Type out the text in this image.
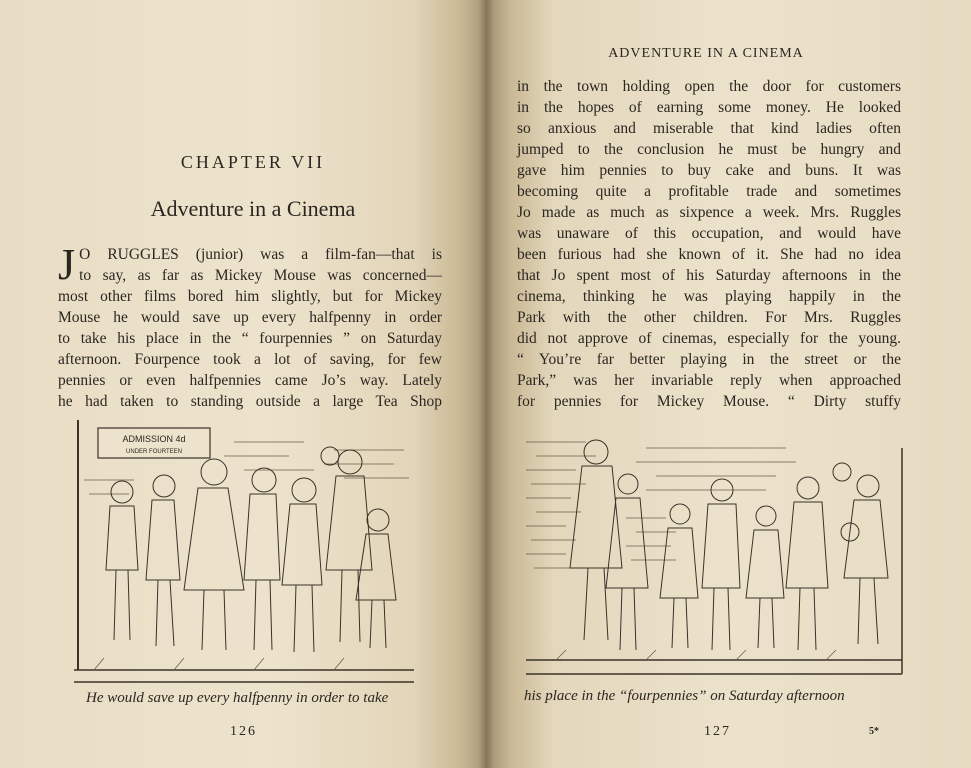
CHAPTER VII
Adventure in a Cinema
J O RUGGLES (junior) was a film-fan—that is
to say, as far as Mickey Mouse was concerned—
most other films bored him slightly, but for Mickey
Mouse he would save up every halfpenny in order
to take his place in the “ fourpennies ” on Saturday
afternoon. Fourpence took a lot of saving, for few
pennies or even halfpennies came Jo’s way. Lately
he had taken to standing outside a large Tea Shop
ADMISSION 4d
UNDER FOURTEEN
He would save up every halfpenny in order to take
126
ADVENTURE IN A CINEMA
in the town holding open the door for customers
in the hopes of earning some money. He looked
so anxious and miserable that kind ladies often
jumped to the conclusion he must be hungry and
gave him pennies to buy cake and buns. It was
becoming quite a profitable trade and sometimes
Jo made as much as sixpence a week. Mrs. Ruggles
was unaware of this occupation, and would have
been furious had she known of it. She had no idea
that Jo spent most of his Saturday afternoons in the
cinema, thinking he was playing happily in the
Park with the other children. For Mrs. Ruggles
did not approve of cinemas, especially for the young.
“ You’re far better playing in the street or the
Park,” was her invariable reply when approached
for pennies for Mickey Mouse. “ Dirty stuffy
his place in the “fourpennies” on Saturday afternoon
127	5*
